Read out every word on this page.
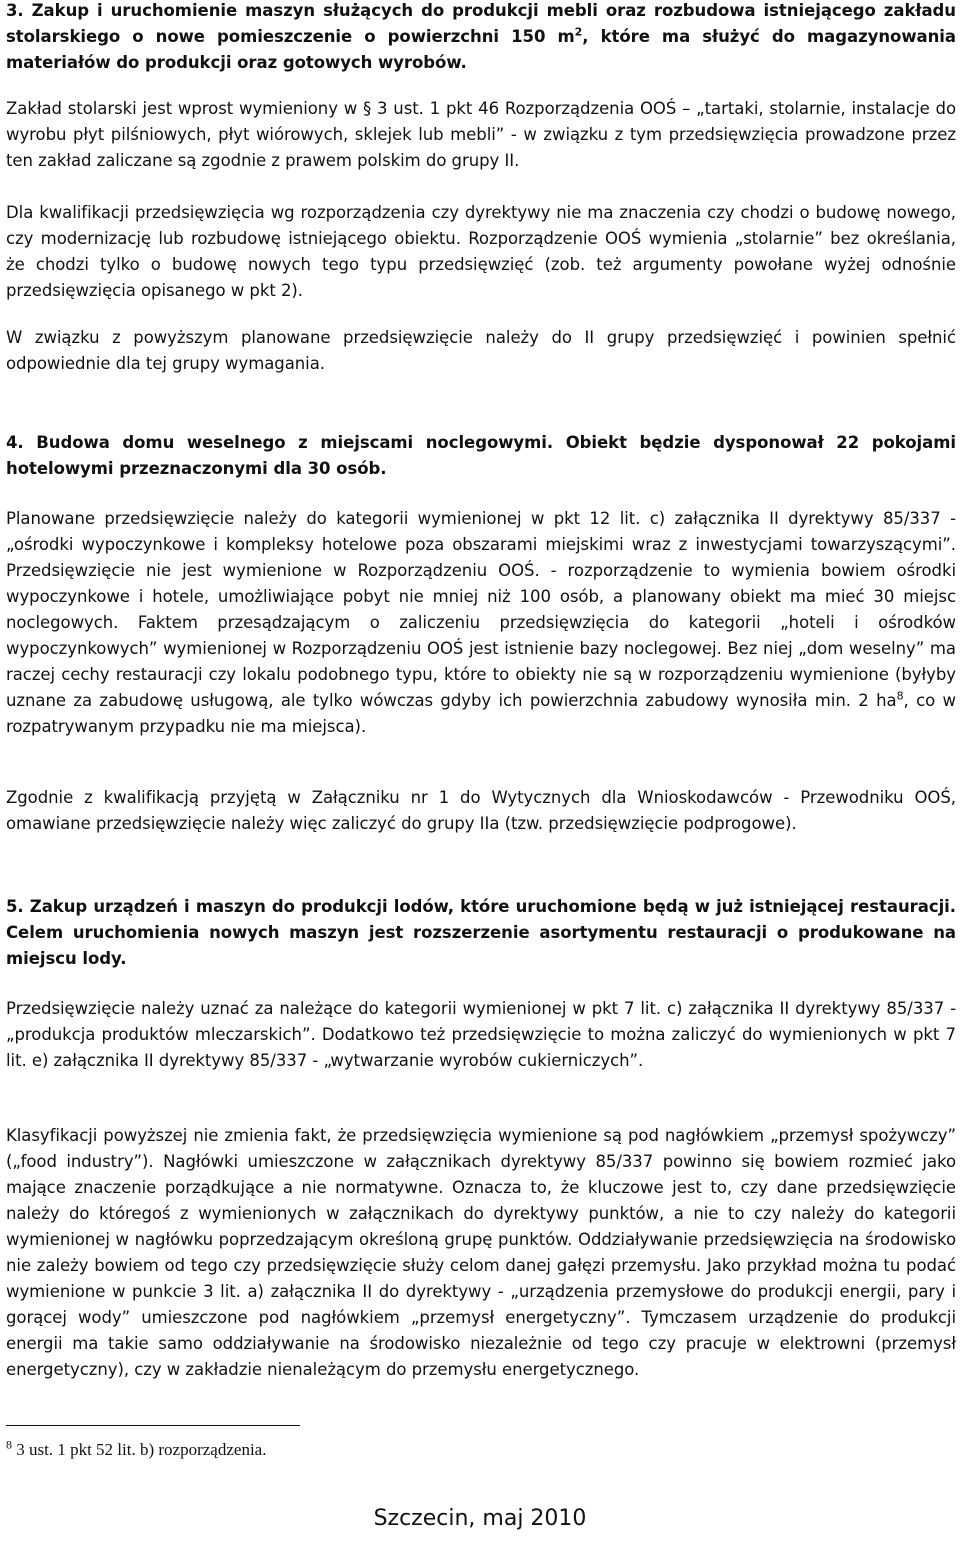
3. Zakup i uruchomienie maszyn służących do produkcji mebli oraz rozbudowa istniejącego zakładu stolarskiego o nowe pomieszczenie o powierzchni 150 $m^2$, które ma służyć do magazynowania materiałów do produkcji oraz gotowych wyrobów.

Zakład stolarski jest wprost wymieniony w § 3 ust. 1 pkt 46 Rozporządzenia OOŚ – „tartaki, stolarnie, instalacje do wyrobu płyt pilśniowych, płyt wiórowych, sklejek lub mebli” - w związku z tym przedsięwzięcia prowadzone przez ten zakład zaliczane są zgodnie z prawem polskim do grupy II.

Dla kwalifikacji przedsięwzięcia wg rozporządzenia czy dyrektywy nie ma znaczenia czy chodzi o budowę nowego, czy modernizację lub rozbudowę istniejącego obiektu. Rozporządzenie OOŚ wymienia „stolarnie” bez określania, że chodzi tylko o budowę nowych tego typu przedsięwzięć (zob. też argumenty powołane wyżej odnośnie przedsięwzięcia opisanego w pkt 2).

W związku z powyższym planowane przedsięwzięcie należy do II grupy przedsięwzięć i powinien spełnić odpowiednie dla tej grupy wymagania.

4. Budowa domu weselnego z miejscami noclegowymi. Obiekt będzie dysponował 22 pokojami hotelowymi przeznaczonymi dla 30 osób.

Planowane przedsięwzięcie należy do kategorii wymienionej w pkt 12 lit. c) załącznika II dyrektywy 85/337 - „ośrodki wypoczynkowe i kompleksy hotelowe poza obszarami miejskimi wraz z inwestycjami towarzyszącymi”. Przedsięwzięcie nie jest wymienione w Rozporządzeniu OOŚ. - rozporządzenie to wymienia bowiem ośrodki wypoczynkowe i hotele, umożliwiające pobyt nie mniej niż 100 osób, a planowany obiekt ma mieć 30 miejsc noclegowych. Faktem przesądzającym o zaliczeniu przedsięwzięcia do kategorii „hoteli i ośrodków wypoczynkowych” wymienionej w Rozporządzeniu OOŚ jest istnienie bazy noclegowej. Bez niej „dom weselny” ma raczej cechy restauracji czy lokalu podobnego typu, które to obiekty nie są w rozporządzeniu wymienione (byłyby uznane za zabudowę usługową, ale tylko wówczas gdyby ich powierzchnia zabudowy wynosiła min. 2 $ha^8$, co w rozpatrywanym przypadku nie ma miejsca).

Zgodnie z kwalifikacją przyjętą w Załączniku nr 1 do Wytycznych dla Wnioskodawców - Przewodniku OOŚ, omawiane przedsięwzięcie należy więc zaliczyć do grupy IIa (tzw. przedsięwzięcie podprogowe).

5. Zakup urządzeń i maszyn do produkcji lodów, które uruchomione będą w już istniejącej restauracji. Celem uruchomienia nowych maszyn jest rozszerzenie asortymentu restauracji o produkowane na miejscu lody.

Przedsięwzięcie należy uznać za należące do kategorii wymienionej w pkt 7 lit. c) załącznika II dyrektywy 85/337 - „produkcja produktów mleczarskich”. Dodatkowo też przedsięwzięcie to można zaliczyć do wymienionych w pkt 7 lit. e) załącznika II dyrektywy 85/337 - „wytwarzanie wyrobów cukierniczych”.

Klasyfikacji powyższej nie zmienia fakt, że przedsięwzięcia wymienione są pod nagłówkiem „przemysł spożywczy” („food industry”). Nagłówki umieszczone w załącznikach dyrektywy 85/337 powinno się bowiem rozmieć jako mające znaczenie porządkujące a nie normatywne. Oznacza to, że kluczowe jest to, czy dane przedsięwzięcie należy do któregoś z wymienionych w załącznikach do dyrektywy punktów, a nie to czy należy do kategorii wymienionej w nagłówku poprzedzającym określoną grupę punktów. Oddziaływanie przedsięwzięcia na środowisko nie zależy bowiem od tego czy przedsięwzięcie służy celom danej gałęzi przemysłu. Jako przykład można tu podać wymienione w punkcie 3 lit. a) załącznika II do dyrektywy - „urządzenia przemysłowe do produkcji energii, pary i gorącej wody” umieszczone pod nagłówkiem „przemysł energetyczny”. Tymczasem urządzenie do produkcji energii ma takie samo oddziaływanie na środowisko niezależnie od tego czy pracuje w elektrowni (przemysł energetyczny), czy w zakładzie nienależącym do przemysłu energetycznego.

$^8$ 3 ust. 1 pkt 52 lit. b) rozporządzenia.
Szczecin, maj 2010
